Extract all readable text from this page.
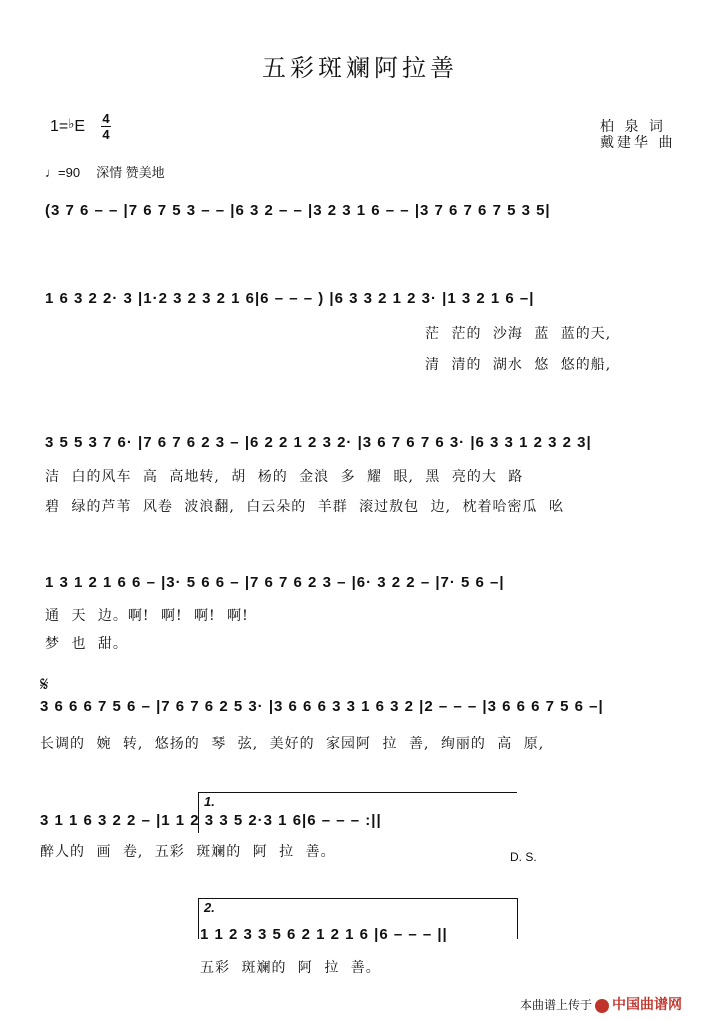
五彩斑斓阿拉善
1=♭E 4
4	柏 泉 词
戴建华 曲
♩=90 深情 赞美地
(3 7 6 – – |7 6 7 5 3 – – |6 3 2 – – |3 2 3 1 6 – – |3 7 6 7 6 7 5 3 5|
1 6 3 2 2· 3 |1·2 3 2 3 2 1 6|6 – – – ) |6 3 3 2 1 2 3· |1 3 2 1 6 –|
茫 茫的 沙海 蓝 蓝的天,
清 清的 湖水 悠 悠的船,
3 5 5 3 7 6· |7 6 7 6 2 3 – |6 2 2 1 2 3 2· |3 6 7 6 7 6 3· |6 3 3 1 2 3 2 3|
洁 白的风车 高 高地转, 胡 杨的 金浪 多 耀 眼, 黑 亮的大 路
碧 绿的芦苇 风卷 波浪翻, 白云朵的 羊群 滚过敖包 边, 枕着哈密瓜 吆
1 3 1 2 1 6 6 – |3· 5 6 6 – |7 6 7 6 2 3 – |6· 3 2 2 – |7· 5 6 –|
通 天 边。啊! 啊! 啊! 啊!
梦 也 甜。
𝄋
3 6 6 6 7 5 6 – |7 6 7 6 2 5 3· |3 6 6 6 3 3 1 6 3 2 |2 – – – |3 6 6 6 7 5 6 –|
长调的 婉 转, 悠扬的 琴 弦, 美好的 家园阿 拉 善, 绚丽的 高 原,
1.
3 1 1 6 3 2 2 – |1 1 2 3 3 5 2·3 1 6|6 – – – :||
醉人的 画 卷, 五彩 斑斓的 阿 拉 善。	D. S.
2.
1 1 2 3 3 5 6 2 1 2 1 6 |6 – – – ||
五彩 斑斓的 阿 拉 善。
本曲谱上传于 中国曲谱网
